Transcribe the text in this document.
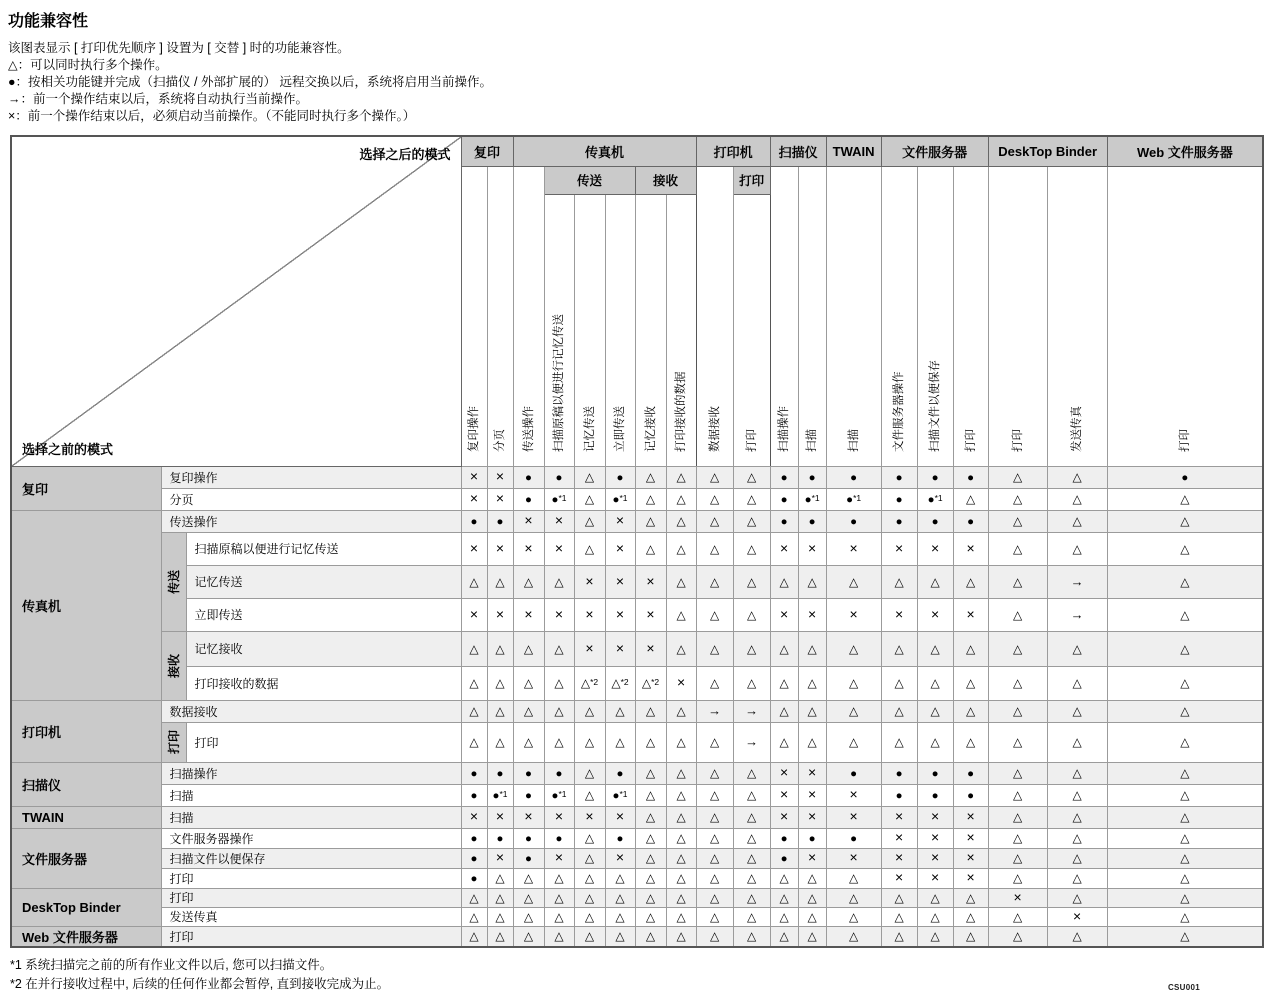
功能兼容性

该图表显示 [ 打印优先顺序 ] 设置为 [ 交替 ] 时的功能兼容性。

△：可以同时执行多个操作。

●：按相关功能键并完成（扫描仪 / 外部扩展的） 远程交换以后，系统将启用当前操作。

→：前一个操作结束以后，系统将自动执行当前操作。

×：前一个操作结束以后，必须启动当前操作。（不能同时执行多个操作。）

选择之后的模式
选择之前的模式			复印		传真机						打印机		扫描仪		TWAIN	文件服务器			DeskTop Binder		Web 文件服务器

			复印操作	分页	传送操作	传送			接收		数据接收	打印	扫描操作	扫描	扫描	文件服务器操作	扫描文件以便保存	打印	打印	发送传真	打印

						扫描原稿以便进行记忆传送	记忆传送	立即传送	记忆接收	打印接收的数据		打印									

复印	复印操作		×	×	●	●	△	●	△	△	△	△	●	●	●	●	●	●	△	△	●
	分页		×	×	●	●*1	△	●*1	△	△	△	△	●	●*1	●*1	●	●*1	△	△	△	△
传真机	传送操作		●	●	×	×	△	×	△	△	△	△	●	●	●	●	●	●	△	△	△

	传送	扫描原稿以便进行记忆传送	×	×	×	×	△	×	△	△	△	△	×	×	×	×	×	×	△	△	△
		记忆传送	△	△	△	△	×	×	×	△	△	△	△	△	△	△	△	△	△	→	△
		立即传送	×	×	×	×	×	×	×	△	△	△	×	×	×	×	×	×	△	→	△

	接收	记忆接收	△	△	△	△	×	×	×	△	△	△	△	△	△	△	△	△	△	△	△
		打印接收的数据	△	△	△	△	△*2	△*2	△*2	×	△	△	△	△	△	△	△	△	△	△	△
打印机	数据接收		△	△	△	△	△	△	△	△	→	→	△	△	△	△	△	△	△	△	△

	打印	打印	△	△	△	△	△	△	△	△	△	→	△	△	△	△	△	△	△	△	△
扫描仪	扫描操作		●	●	●	●	△	●	△	△	△	△	×	×	●	●	●	●	△	△	△
	扫描		●	●*1	●	●*1	△	●*1	△	△	△	△	×	×	×	●	●	●	△	△	△
TWAIN	扫描		×	×	×	×	×	×	△	△	△	△	×	×	×	×	×	×	△	△	△
文件服务器	文件服务器操作		●	●	●	●	△	●	△	△	△	△	●	●	●	×	×	×	△	△	△
	扫描文件以便保存		●	×	●	×	△	×	△	△	△	△	●	×	×	×	×	×	△	△	△
	打印		●	△	△	△	△	△	△	△	△	△	△	△	△	×	×	×	△	△	△
DeskTop Binder	打印		△	△	△	△	△	△	△	△	△	△	△	△	△	△	△	△	×	△	△
	发送传真		△	△	△	△	△	△	△	△	△	△	△	△	△	△	△	△	△	×	△
Web 文件服务器	打印		△	△	△	△	△	△	△	△	△	△	△	△	△	△	△	△	△	△	△

*1 系统扫描完之前的所有作业文件以后, 您可以扫描文件。

*2 在并行接收过程中, 后续的任何作业都会暂停, 直到接收完成为止。	CSU001
